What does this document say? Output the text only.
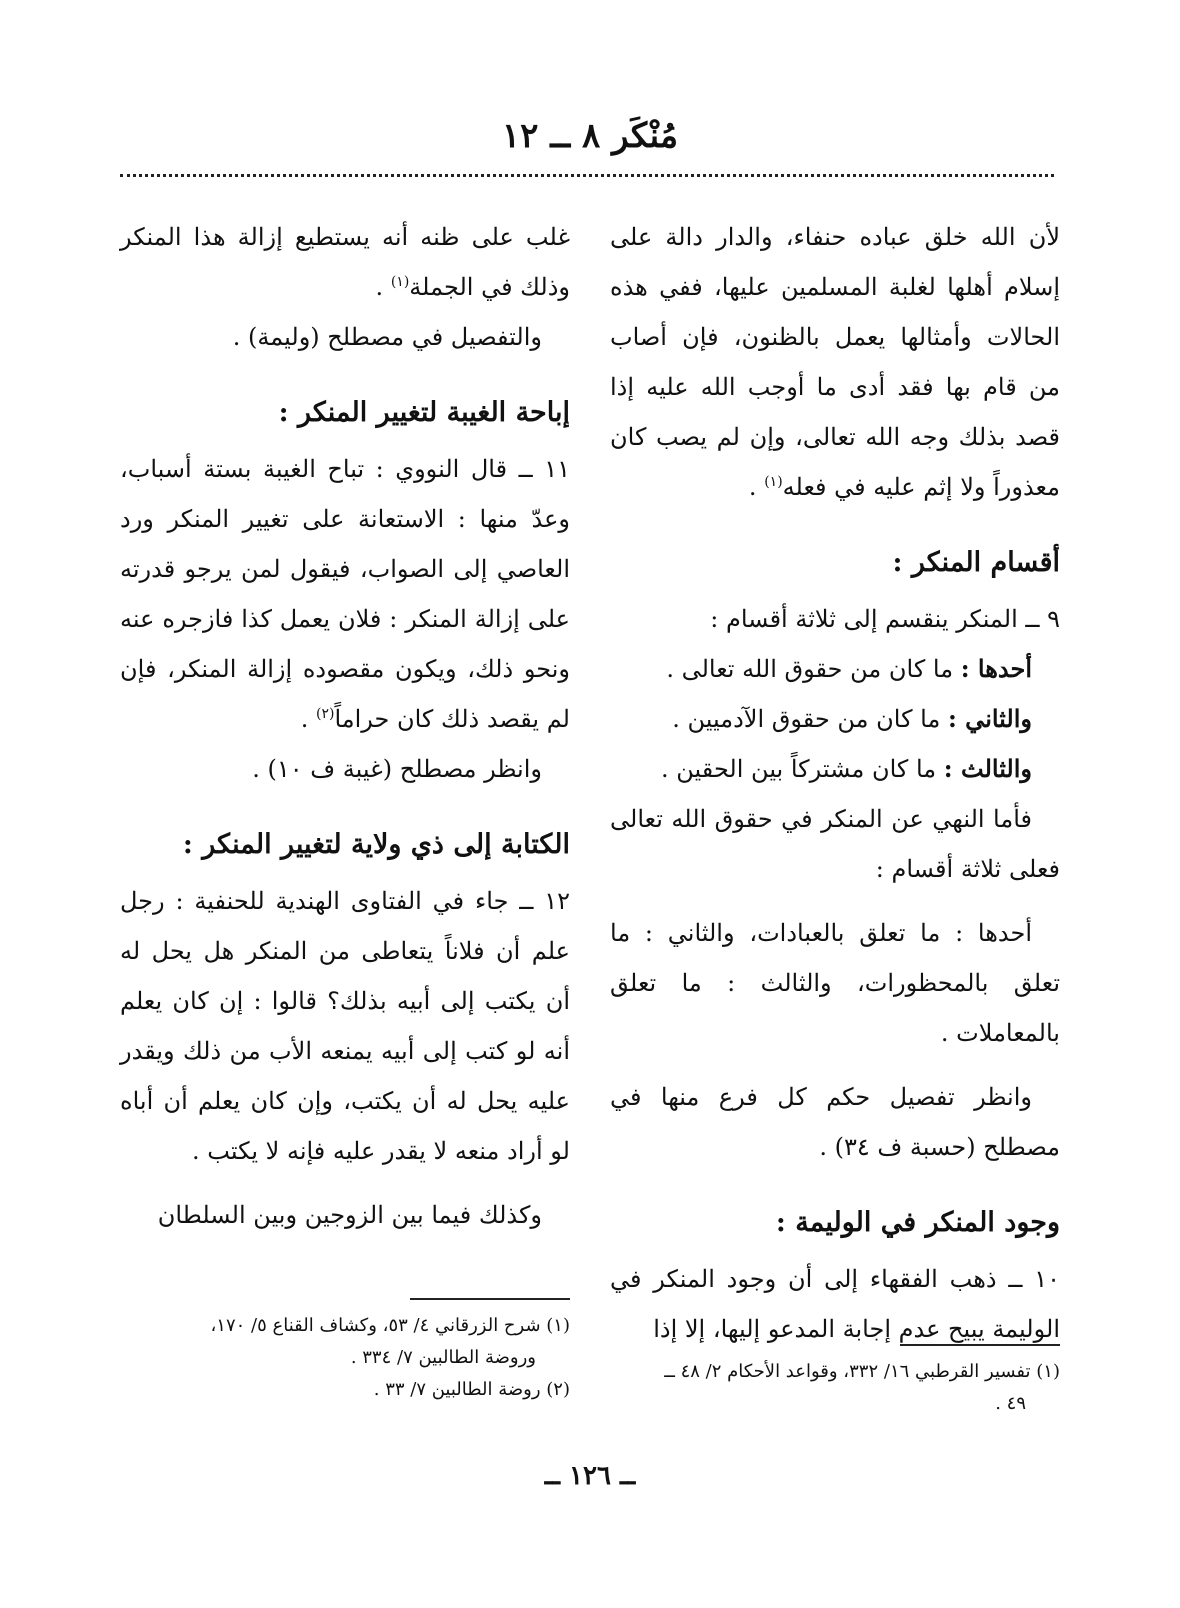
مُنْكَر ٨ ــ ١٢

لأن الله خلق عباده حنفاء، والدار دالة على إسلام أهلها لغلبة المسلمين عليها، ففي هذه الحالات وأمثالها يعمل بالظنون، فإن أصاب من قام بها فقد أدى ما أوجب الله عليه إذا قصد بذلك وجه الله تعالى، وإن لم يصب كان معذوراً ولا إثم عليه في فعله$^{(١)}$ .

أقسام المنكر :

٩ ــ المنكر ينقسم إلى ثلاثة أقسام :

أحدها : ما كان من حقوق الله تعالى .
والثاني : ما كان من حقوق الآدميين .
والثالث : ما كان مشتركاً بين الحقين .

فأما النهي عن المنكر في حقوق الله تعالى فعلى ثلاثة أقسام :

أحدها : ما تعلق بالعبادات، والثاني : ما تعلق بالمحظورات، والثالث : ما تعلق بالمعاملات .

وانظر تفصيل حكم كل فرع منها في مصطلح (حسبة ف ٣٤) .

وجود المنكر في الوليمة :

١٠ ــ ذهب الفقهاء إلى أن وجود المنكر في الوليمة يبيح عدم إجابة المدعو إليها، إلا إذا

غلب على ظنه أنه يستطيع إزالة هذا المنكر وذلك في الجملة$^{(١)}$ .

والتفصيل في مصطلح (وليمة) .

إباحة الغيبة لتغيير المنكر :

١١ ــ قال النووي : تباح الغيبة بستة أسباب، وعدّ منها : الاستعانة على تغيير المنكر ورد العاصي إلى الصواب، فيقول لمن يرجو قدرته على إزالة المنكر : فلان يعمل كذا فازجره عنه ونحو ذلك، ويكون مقصوده إزالة المنكر، فإن لم يقصد ذلك كان حراماً$^{(٢)}$ .

وانظر مصطلح (غيبة ف ١٠) .

الكتابة إلى ذي ولاية لتغيير المنكر :

١٢ ــ جاء في الفتاوى الهندية للحنفية : رجل علم أن فلاناً يتعاطى من المنكر هل يحل له أن يكتب إلى أبيه بذلك؟ قالوا : إن كان يعلم أنه لو كتب إلى أبيه يمنعه الأب من ذلك ويقدر عليه يحل له أن يكتب، وإن كان يعلم أن أباه لو أراد منعه لا يقدر عليه فإنه لا يكتب .

وكذلك فيما بين الزوجين وبين السلطان

(١) تفسير القرطبي ١٦/ ٣٣٢، وقواعد الأحكام ٢/ ٤٨ ــ

٤٩ .

(١) شرح الزرقاني ٤/ ٥٣، وكشاف القناع ٥/ ١٧٠،

وروضة الطالبين ٧/ ٣٣٤ .

(٢) روضة الطالبين ٧/ ٣٣ .

ــ ١٢٦ ــ
